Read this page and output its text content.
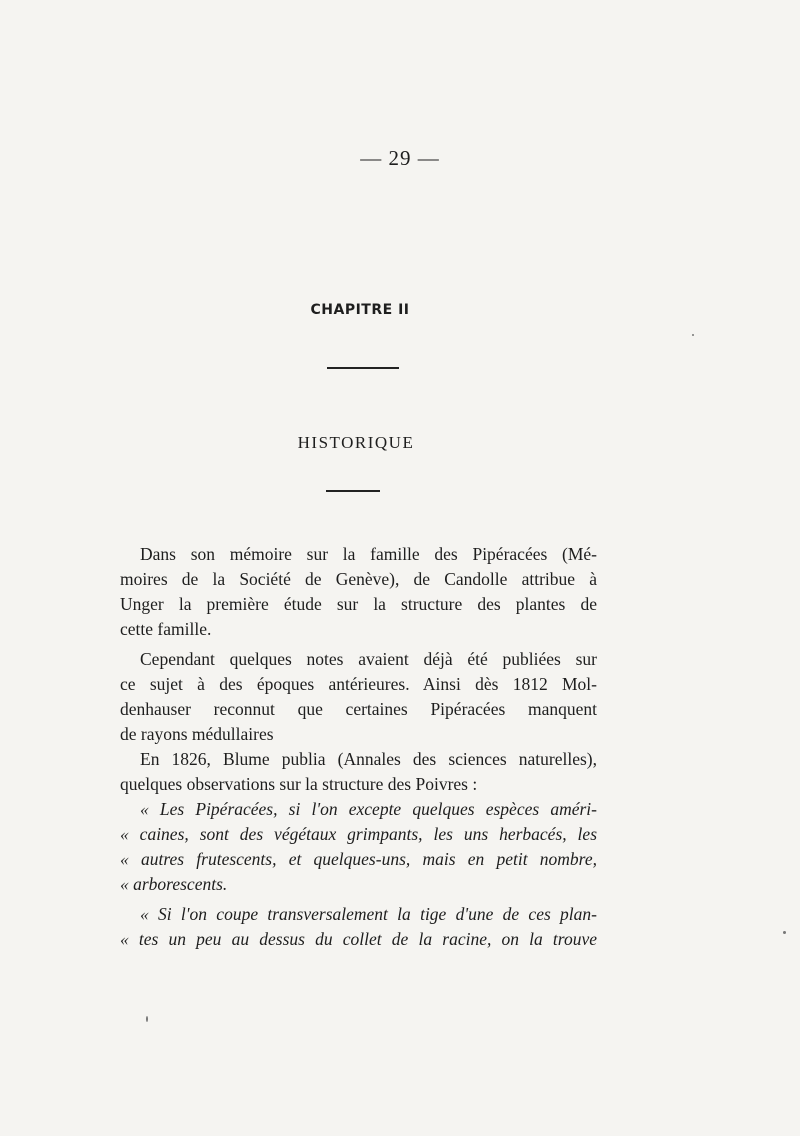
— 29 —
CHAPITRE II
HISTORIQUE
Dans son mémoire sur la famille des Pipéracées (Mé-
moires de la Société de Genève), de Candolle attribue à
Unger la première étude sur la structure des plantes de
cette famille.
Cependant quelques notes avaient déjà été publiées sur
ce sujet à des époques antérieures. Ainsi dès 1812 Mol-
denhauser reconnut que certaines Pipéracées manquent
de rayons médullaires
En 1826, Blume publia (Annales des sciences naturelles),
quelques observations sur la structure des Poivres :
« Les Pipéracées, si l'on excepte quelques espèces améri-
« caines, sont des végétaux grimpants, les uns herbacés, les
« autres frutescents, et quelques-uns, mais en petit nombre,
« arborescents.
« Si l'on coupe transversalement la tige d'une de ces plan-
« tes un peu au dessus du collet de la racine, on la trouve
